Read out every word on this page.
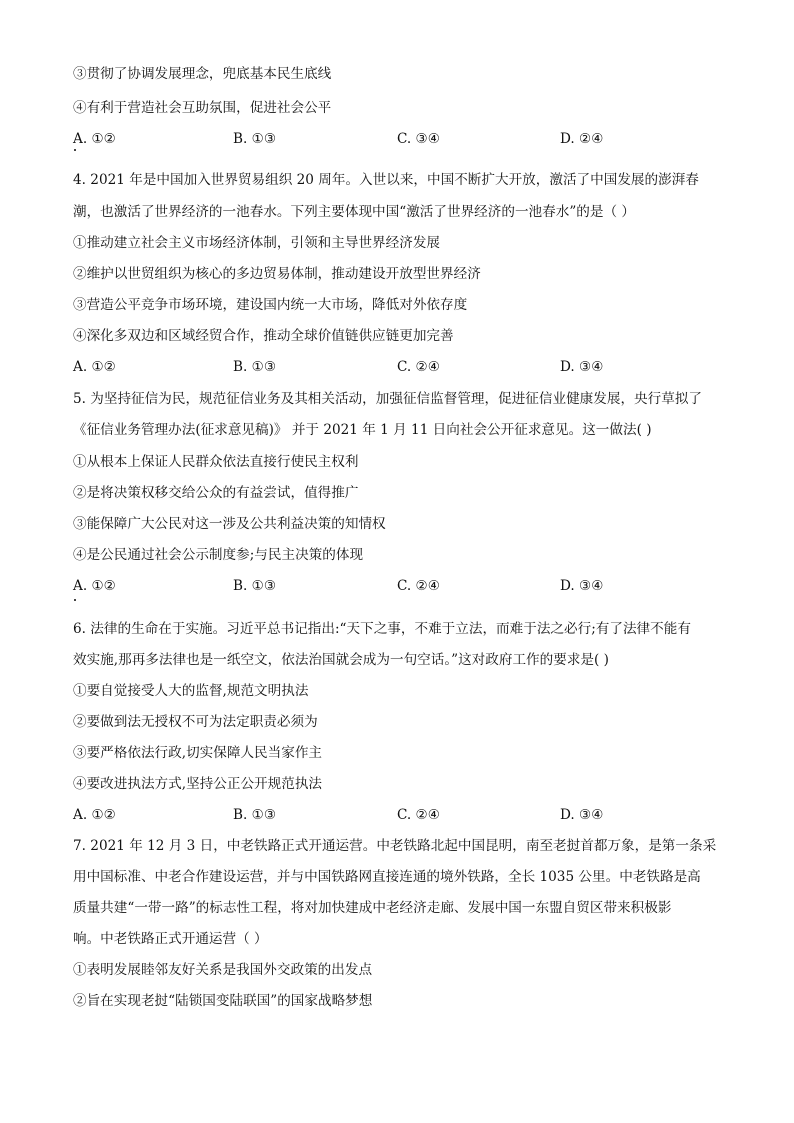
③贯彻了协调发展理念，兜底基本民生底线
④有利于营造社会互助氛围，促进社会公平
A. ①②	B. ①③	C. ③④	D. ②④
4. 2021 年是中国加入世界贸易组织 20 周年。入世以来，中国不断扩大开放，激活了中国发展的澎湃春
潮，也激活了世界经济的一池春水。下列主要体现中国“激活了世界经济的一池春水”的是（ ）
①推动建立社会主义市场经济体制，引领和主导世界经济发展
②维护以世贸组织为核心的多边贸易体制，推动建设开放型世界经济
③营造公平竞争市场环境，建设国内统一大市场，降低对外依存度
④深化多双边和区域经贸合作，推动全球价值链供应链更加完善
A. ①②	B. ①③	C. ②④	D. ③④
5. 为坚持征信为民，规范征信业务及其相关活动，加强征信监督管理，促进征信业健康发展，央行草拟了
《征信业务管理办法(征求意见稿)》 并于 2021 年 1 月 11 日向社会公开征求意见。这一做法( )
①从根本上保证人民群众依法直接行使民主权利
②是将决策权移交给公众的有益尝试，值得推广
③能保障广大公民对这一涉及公共利益决策的知情权
④是公民通过社会公示制度参;与民主决策的体现
A. ①②	B. ①③	C. ②④	D. ③④
6. 法律的生命在于实施。习近平总书记指出:“天下之事，不难于立法，而难于法之必行;有了法律不能有
效实施,那再多法律也是一纸空文，依法治国就会成为一句空话。”这对政府工作的要求是( )
①要自觉接受人大的监督,规范文明执法
②要做到法无授权不可为法定职责必须为
③要严格依法行政,切实保障人民当家作主
④要改进执法方式,坚持公正公开规范执法
A. ①②	B. ①③	C. ②④	D. ③④
7. 2021 年 12 月 3 日，中老铁路正式开通运营。中老铁路北起中国昆明，南至老挝首都万象，是第一条采
用中国标准、中老合作建设运营，并与中国铁路网直接连通的境外铁路，全长 1035 公里。中老铁路是高
质量共建“一带一路”的标志性工程，将对加快建成中老经济走廊、发展中国一东盟自贸区带来积极影
响。中老铁路正式开通运营（ ）
①表明发展睦邻友好关系是我国外交政策的出发点
②旨在实现老挝“陆锁国变陆联国”的国家战略梦想
